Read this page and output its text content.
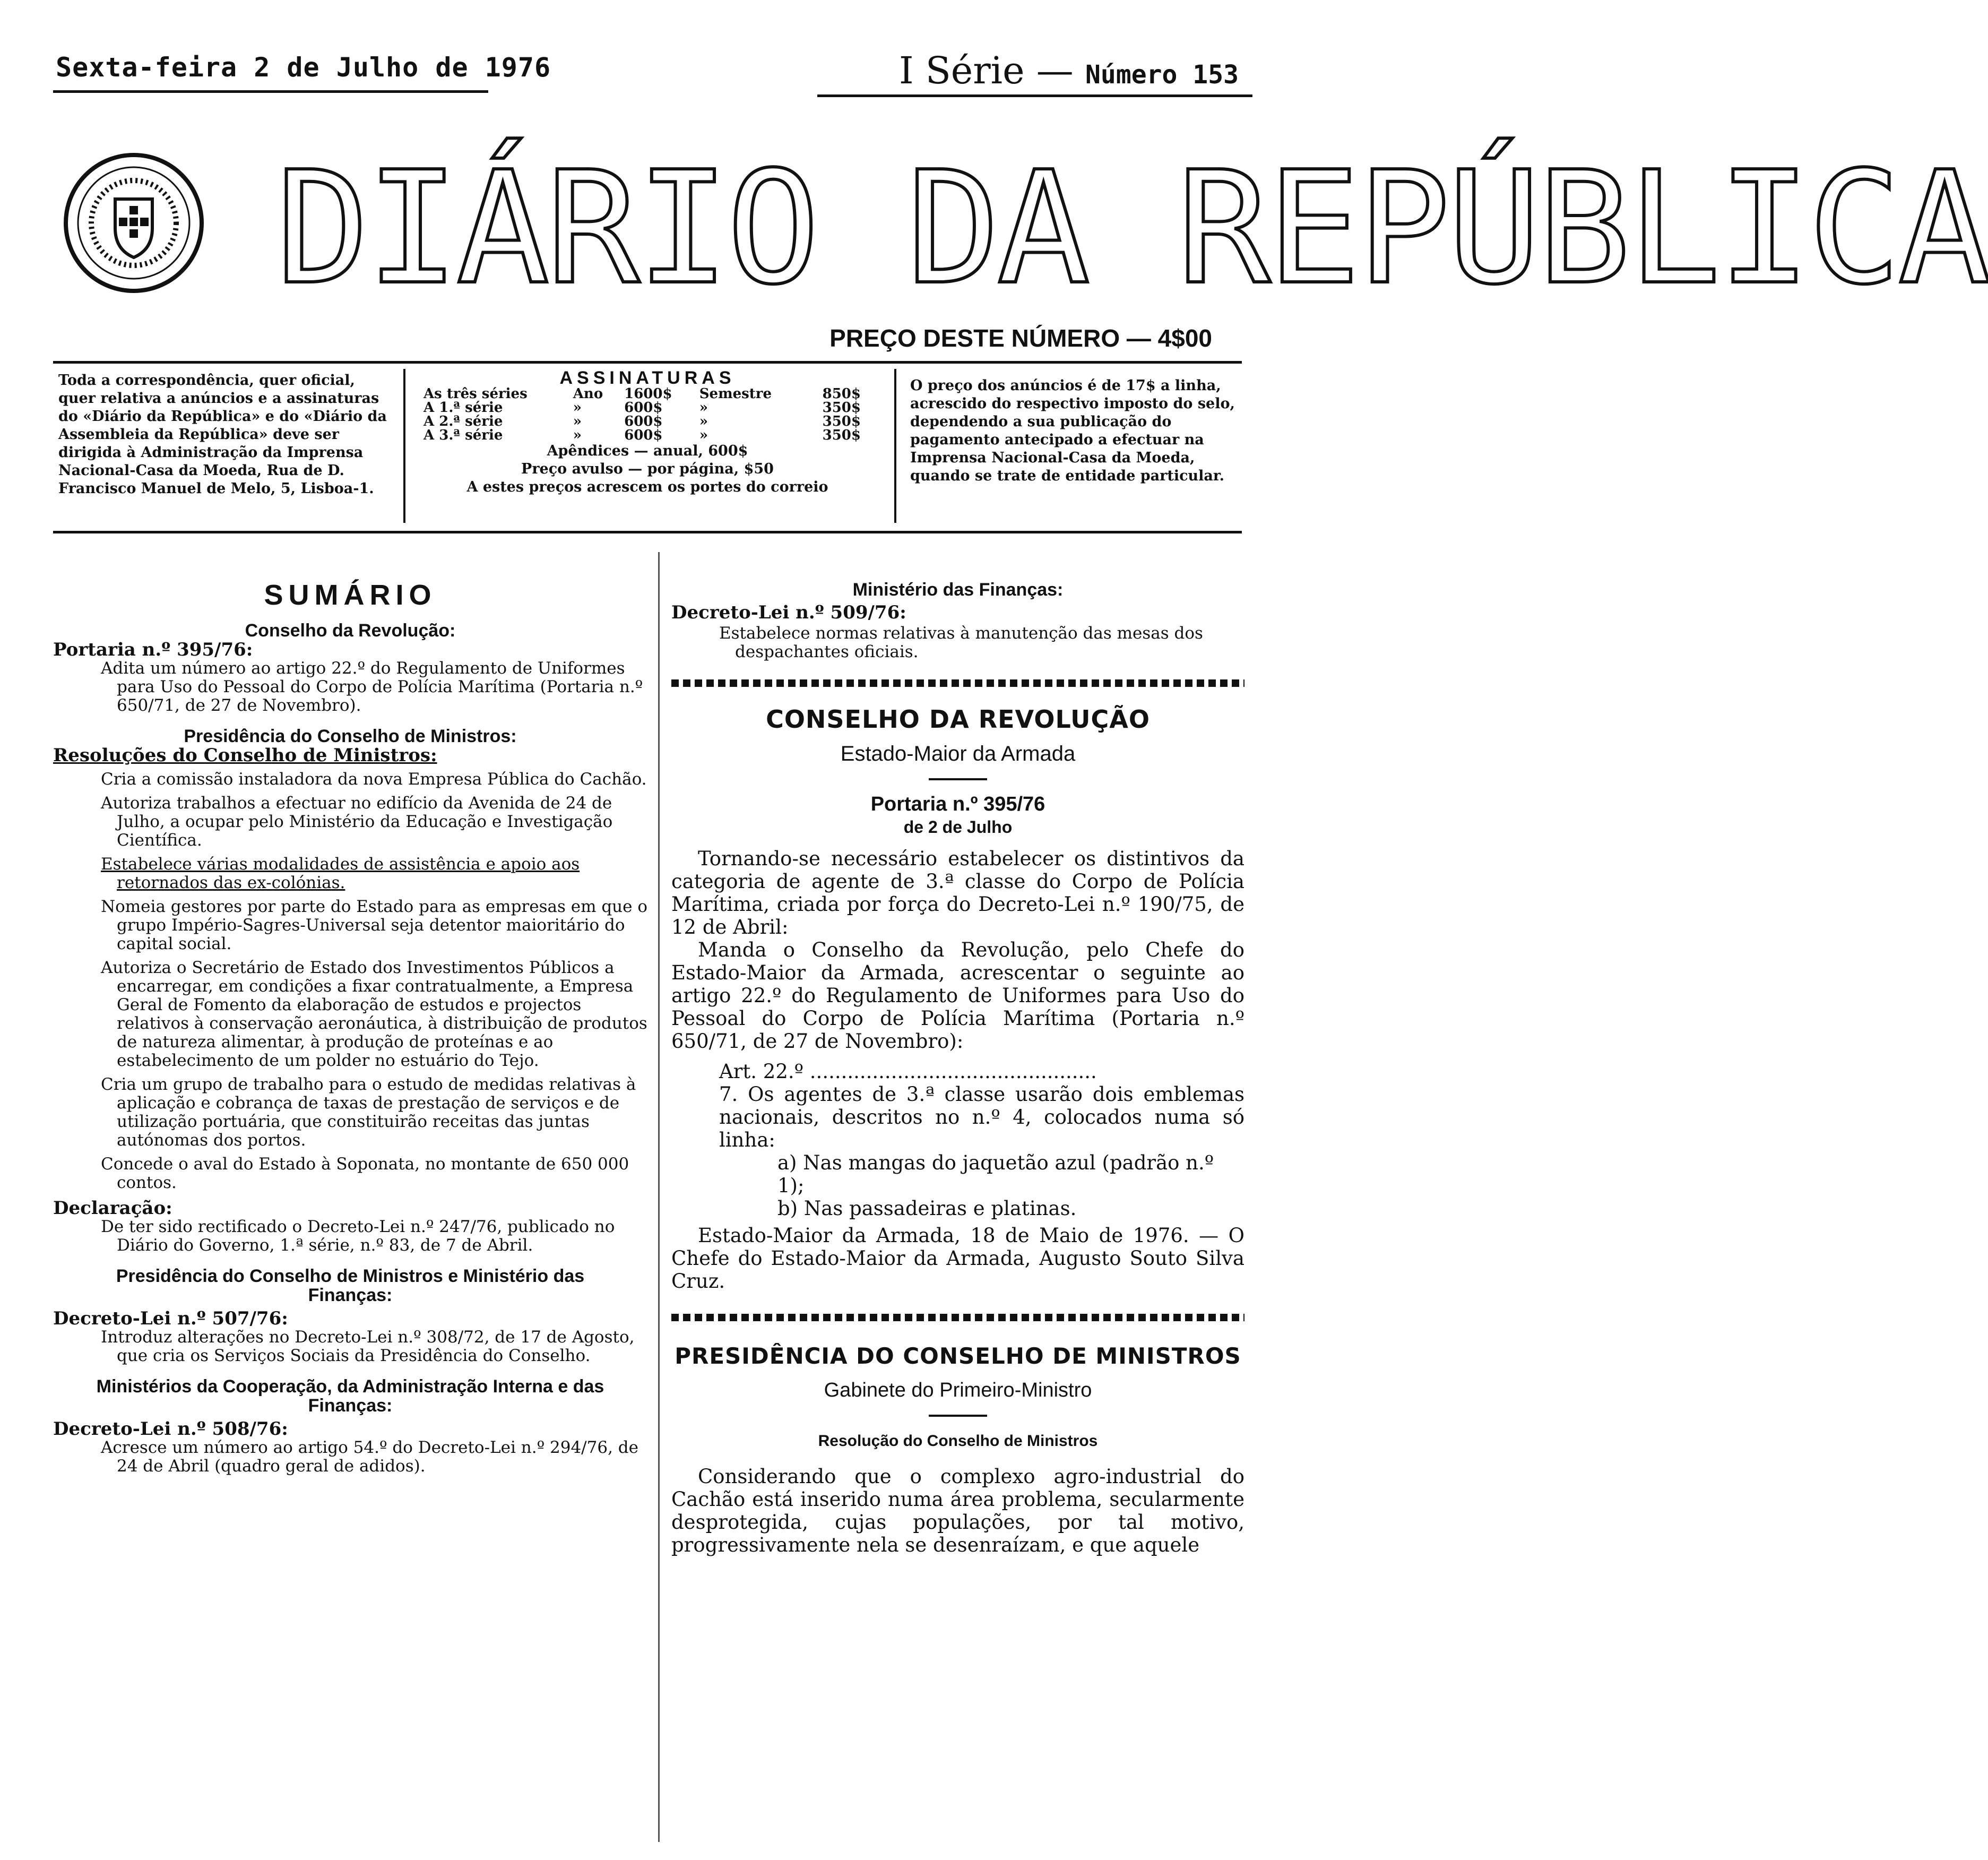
Sexta-feira 2 de Julho de 1976	I Série — Número 153
DIÁRIO DA REPÚBLICA
PREÇO DESTE NÚMERO — 4$00
Toda a correspondência, quer oficial, quer relativa a anúncios e a assinaturas do «Diário da República» e do «Diário da Assembleia da República» deve ser dirigida à Administração da Imprensa Nacional-Casa da Moeda, Rua de D. Francisco Manuel de Melo, 5, Lisboa-1.
ASSINATURAS
As três séries	Ano	1600$	Semestre	850$
A 1.ª série	»	600$	»	350$
A 2.ª série	»	600$	»	350$
A 3.ª série	»	600$	»	350$
Apêndices — anual, 600$
Preço avulso — por página, $50
A estes preços acrescem os portes do correio
O preço dos anúncios é de 17$ a linha, acrescido do respectivo imposto do selo, dependendo a sua publicação do pagamento antecipado a efectuar na Imprensa Nacional-Casa da Moeda, quando se trate de entidade particular.
SUMÁRIO
Conselho da Revolução:
Portaria n.º 395/76:

Adita um número ao artigo 22.º do Regulamento de Uniformes para Uso do Pessoal do Corpo de Polícia Marítima (Portaria n.º 650/71, de 27 de Novembro).

Presidência do Conselho de Ministros:
Resoluções do Conselho de Ministros:

Cria a comissão instaladora da nova Empresa Pública do Cachão.

Autoriza trabalhos a efectuar no edifício da Avenida de 24 de Julho, a ocupar pelo Ministério da Educação e Investigação Científica.

Estabelece várias modalidades de assistência e apoio aos retornados das ex-colónias.

Nomeia gestores por parte do Estado para as empresas em que o grupo Império-Sagres-Universal seja detentor maioritário do capital social.

Autoriza o Secretário de Estado dos Investimentos Públicos a encarregar, em condições a fixar contratualmente, a Empresa Geral de Fomento da elaboração de estudos e projectos relativos à conservação aeronáutica, à distribuição de produtos de natureza alimentar, à produção de proteínas e ao estabelecimento de um polder no estuário do Tejo.

Cria um grupo de trabalho para o estudo de medidas relativas à aplicação e cobrança de taxas de prestação de serviços e de utilização portuária, que constituirão receitas das juntas autónomas dos portos.

Concede o aval do Estado à Soponata, no montante de 650 000 contos.

Declaração:

De ter sido rectificado o Decreto-Lei n.º 247/76, publicado no Diário do Governo, 1.ª série, n.º 83, de 7 de Abril.

Presidência do Conselho de Ministros e Ministério das Finanças:
Decreto-Lei n.º 507/76:

Introduz alterações no Decreto-Lei n.º 308/72, de 17 de Agosto, que cria os Serviços Sociais da Presidência do Conselho.

Ministérios da Cooperação, da Administração Interna e das Finanças:
Decreto-Lei n.º 508/76:

Acresce um número ao artigo 54.º do Decreto-Lei n.º 294/76, de 24 de Abril (quadro geral de adidos).

Ministério das Finanças:
Decreto-Lei n.º 509/76:

Estabelece normas relativas à manutenção das mesas dos despachantes oficiais.

CONSELHO DA REVOLUÇÃO
Estado-Maior da Armada
Portaria n.º 395/76
de 2 de Julho

Tornando-se necessário estabelecer os distintivos da categoria de agente de 3.ª classe do Corpo de Polícia Marítima, criada por força do Decreto-Lei n.º 190/75, de 12 de Abril:

Manda o Conselho da Revolução, pelo Chefe do Estado-Maior da Armada, acrescentar o seguinte ao artigo 22.º do Regulamento de Uniformes para Uso do Pessoal do Corpo de Polícia Marítima (Portaria n.º 650/71, de 27 de Novembro):

Art. 22.º ..............................................

7. Os agentes de 3.ª classe usarão dois emblemas nacionais, descritos no n.º 4, colocados numa só linha:

a) Nas mangas do jaquetão azul (padrão n.º 1);

b) Nas passadeiras e platinas.

Estado-Maior da Armada, 18 de Maio de 1976. — O Chefe do Estado-Maior da Armada, Augusto Souto Silva Cruz.

PRESIDÊNCIA DO CONSELHO DE MINISTROS
Gabinete do Primeiro-Ministro
Resolução do Conselho de Ministros

Considerando que o complexo agro-industrial do Cachão está inserido numa área problema, secularmente desprotegida, cujas populações, por tal motivo, progressivamente nela se desenraízam, e que aquele
